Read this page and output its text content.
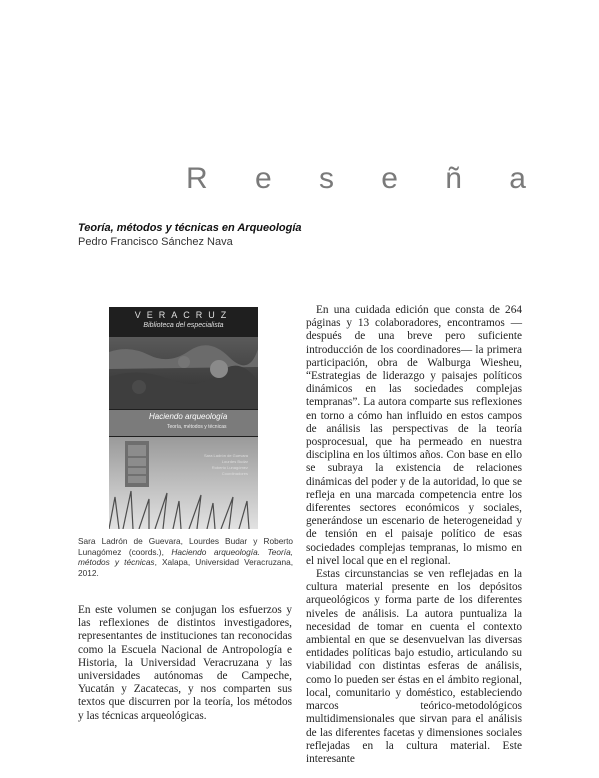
R e s e ñ a
Teoría, métodos y técnicas en Arqueología
Pedro Francisco Sánchez Nava
VERACRUZ
Biblioteca del especialista
Haciendo arqueología
Teoría, métodos y técnicas
Sara Ladrón de Guevara
Lourdes Budar
Roberto Lunagómez
Coordinadores
Sara Ladrón de Guevara, Lourdes Budar y Roberto Lunagómez (coords.), Haciendo arqueología. Teoría, métodos y técnicas, Xalapa, Universidad Veracruzana, 2012.

En este volumen se conjugan los esfuerzos y las reflexiones de distintos investigadores, representantes de instituciones tan reconocidas como la Escuela Nacional de Antropología e Historia, la Universidad Veracruzana y las universidades autónomas de Campeche, Yucatán y Zacatecas, y nos comparten sus textos que discurren por la teoría, los métodos y las técnicas arqueológicas.

En una cuidada edición que consta de 264 páginas y 13 colaboradores, encontramos —después de una breve pero suficiente introducción de los coordinadores— la primera participación, obra de Walburga Wiesheu, “Estrategias de liderazgo y paisajes políticos dinámicos en las sociedades complejas tempranas”. La autora comparte sus reflexiones en torno a cómo han influido en estos campos de análisis las perspectivas de la teoría posprocesual, que ha permeado en nuestra disciplina en los últimos años. Con base en ello se subraya la existencia de relaciones dinámicas del poder y de la autoridad, lo que se refleja en una marcada competencia entre los diferentes sectores económicos y sociales, generándose un escenario de heterogeneidad y de tensión en el paisaje político de esas sociedades complejas tempranas, lo mismo en el nivel local que en el regional.

Estas circunstancias se ven reflejadas en la cultura material presente en los depósitos arqueológicos y forma parte de los diferentes niveles de análisis. La autora puntualiza la necesidad de tomar en cuenta el contexto ambiental en que se desenvuelvan las diversas entidades políticas bajo estudio, articulando su viabilidad con distintas esferas de análisis, como lo pueden ser éstas en el ámbito regional, local, comunitario y doméstico, estableciendo marcos teórico-metodológicos multidimensionales que sirvan para el análisis de las diferentes facetas y dimensiones sociales reflejadas en la cultura material. Este interesante
